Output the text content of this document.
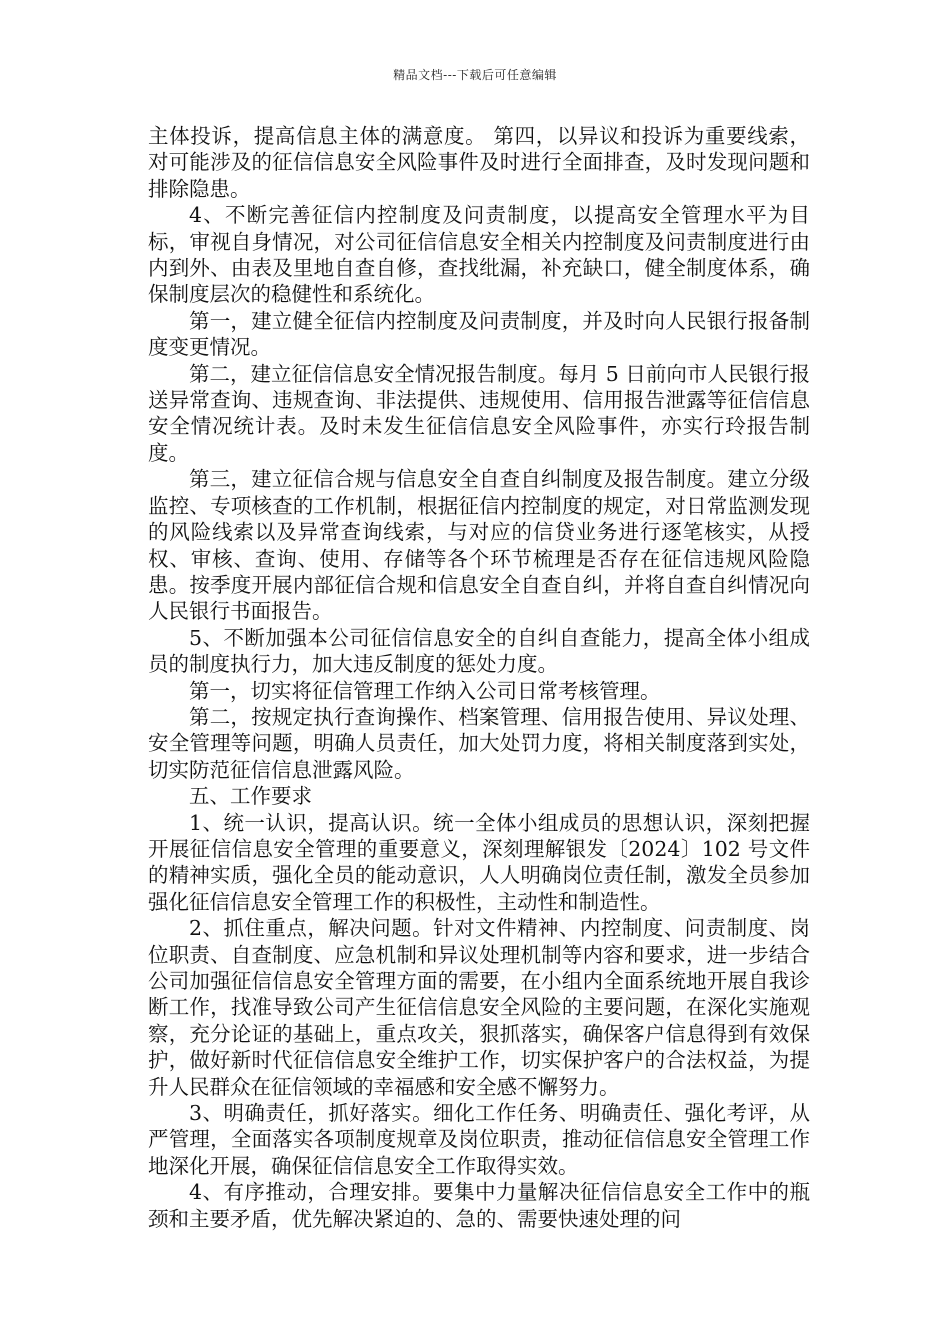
精品文档---下载后可任意编辑

主体投诉，提高信息主体的满意度。 第四，以异议和投诉为重要线索，对可能涉及的征信信息安全风险事件及时进行全面排查，及时发现问题和排除隐患。

4、不断完善征信内控制度及问责制度，以提高安全管理水平为目标，审视自身情况，对公司征信信息安全相关内控制度及问责制度进行由内到外、由表及里地自查自修，查找纰漏，补充缺口，健全制度体系，确保制度层次的稳健性和系统化。

第一，建立健全征信内控制度及问责制度，并及时向人民银行报备制度变更情况。

第二，建立征信信息安全情况报告制度。每月 5 日前向市人民银行报送异常查询、违规查询、非法提供、违规使用、信用报告泄露等征信信息安全情况统计表。及时未发生征信信息安全风险事件，亦实行玲报告制度。

第三，建立征信合规与信息安全自查自纠制度及报告制度。建立分级监控、专项核查的工作机制，根据征信内控制度的规定，对日常监测发现的风险线索以及异常查询线索，与对应的信贷业务进行逐笔核实，从授权、审核、查询、使用、存储等各个环节梳理是否存在征信违规风险隐患。按季度开展内部征信合规和信息安全自查自纠，并将自查自纠情况向人民银行书面报告。

5、不断加强本公司征信信息安全的自纠自查能力，提高全体小组成员的制度执行力，加大违反制度的惩处力度。

第一，切实将征信管理工作纳入公司日常考核管理。

第二，按规定执行查询操作、档案管理、信用报告使用、异议处理、安全管理等问题，明确人员责任，加大处罚力度，将相关制度落到实处，切实防范征信信息泄露风险。

五、工作要求

1、统一认识，提高认识。统一全体小组成员的思想认识，深刻把握开展征信信息安全管理的重要意义，深刻理解银发〔2024〕102 号文件的精神实质，强化全员的能动意识，人人明确岗位责任制，激发全员参加强化征信信息安全管理工作的积极性，主动性和制造性。

2、抓住重点，解决问题。针对文件精神、内控制度、问责制度、岗位职责、自查制度、应急机制和异议处理机制等内容和要求，进一步结合公司加强征信信息安全管理方面的需要，在小组内全面系统地开展自我诊断工作，找准导致公司产生征信信息安全风险的主要问题，在深化实施观察，充分论证的基础上，重点攻关，狠抓落实，确保客户信息得到有效保护，做好新时代征信信息安全维护工作，切实保护客户的合法权益，为提升人民群众在征信领域的幸福感和安全感不懈努力。

3、明确责任，抓好落实。细化工作任务、明确责任、强化考评，从严管理，全面落实各项制度规章及岗位职责，推动征信信息安全管理工作地深化开展，确保征信信息安全工作取得实效。

4、有序推动，合理安排。要集中力量解决征信信息安全工作中的瓶颈和主要矛盾，优先解决紧迫的、急的、需要快速处理的问
